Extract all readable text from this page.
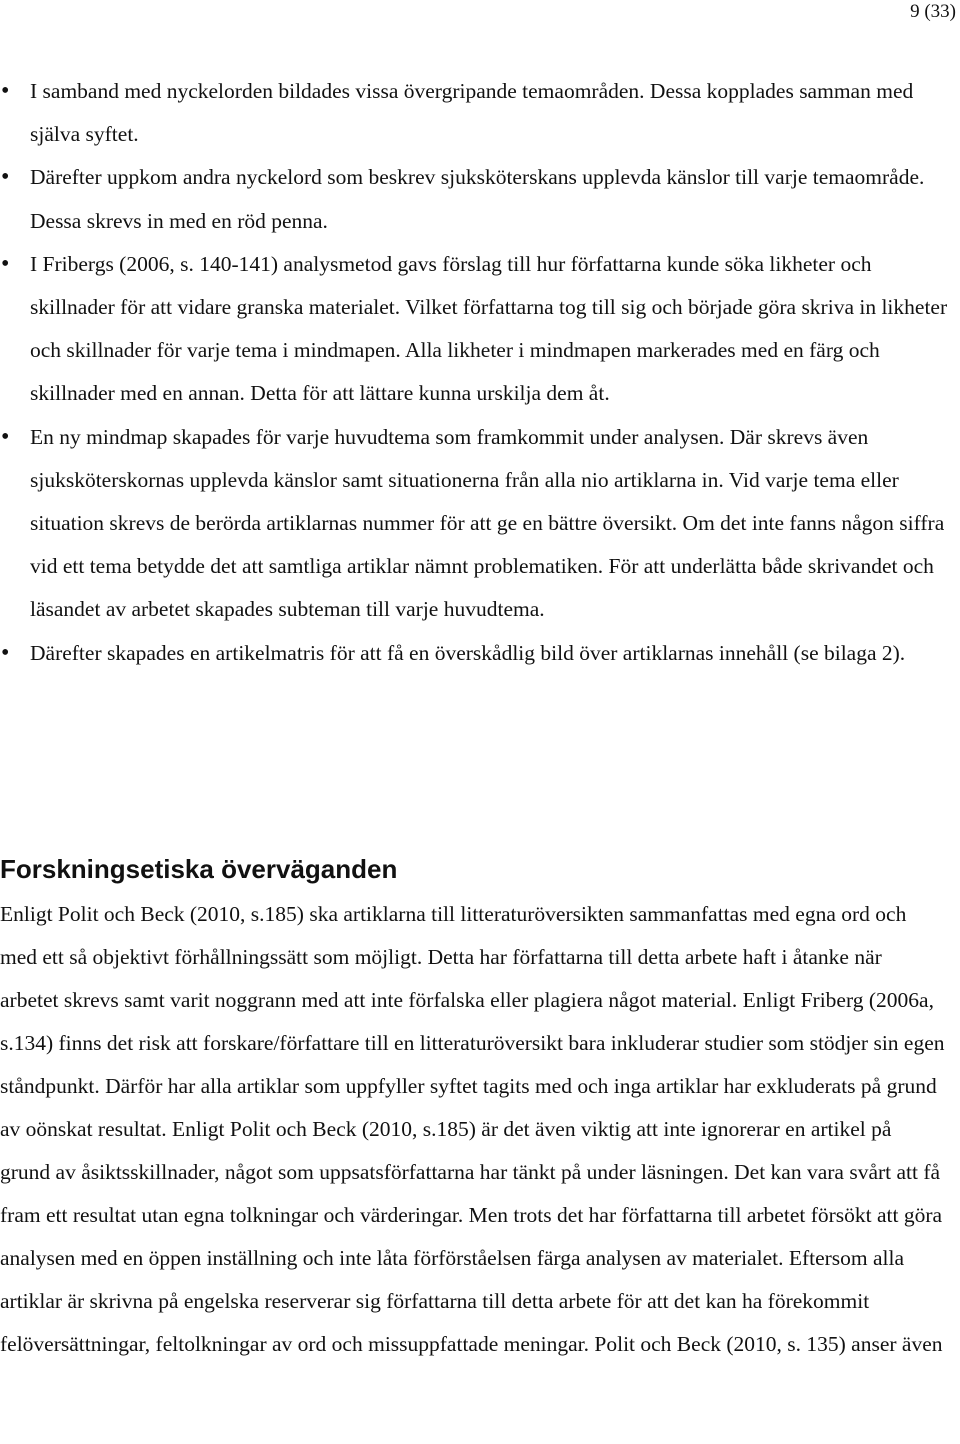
9 (33)
• I samband med nyckelorden bildades vissa övergripande temaområden. Dessa kopplades samman med själva syftet.
• Därefter uppkom andra nyckelord som beskrev sjuksköterskans upplevda känslor till varje temaområde. Dessa skrevs in med en röd penna.
• I Fribergs (2006, s. 140-141) analysmetod gavs förslag till hur författarna kunde söka likheter och skillnader för att vidare granska materialet. Vilket författarna tog till sig och började göra skriva in likheter och skillnader för varje tema i mindmapen. Alla likheter i mindmapen markerades med en färg och skillnader med en annan. Detta för att lättare kunna urskilja dem åt.
• En ny mindmap skapades för varje huvudtema som framkommit under analysen. Där skrevs även sjuksköterskornas upplevda känslor samt situationerna från alla nio artiklarna in. Vid varje tema eller situation skrevs de berörda artiklarnas nummer för att ge en bättre översikt. Om det inte fanns någon siffra vid ett tema betydde det att samtliga artiklar nämnt problematiken. För att underlätta både skrivandet och läsandet av arbetet skapades subteman till varje huvudtema.
• Därefter skapades en artikelmatris för att få en överskådlig bild över artiklarnas innehåll (se bilaga 2).
Forskningsetiska överväganden

Enligt Polit och Beck (2010, s.185) ska artiklarna till litteraturöversikten sammanfattas med egna ord och med ett så objektivt förhållningssätt som möjligt. Detta har författarna till detta arbete haft i åtanke när arbetet skrevs samt varit noggrann med att inte förfalska eller plagiera något material. Enligt Friberg (2006a, s.134) finns det risk att forskare/författare till en litteraturöversikt bara inkluderar studier som stödjer sin egen ståndpunkt. Därför har alla artiklar som uppfyller syftet tagits med och inga artiklar har exkluderats på grund av oönskat resultat. Enligt Polit och Beck (2010, s.185) är det även viktig att inte ignorerar en artikel på grund av åsiktsskillnader, något som uppsatsförfattarna har tänkt på under läsningen. Det kan vara svårt att få fram ett resultat utan egna tolkningar och värderingar. Men trots det har författarna till arbetet försökt att göra analysen med en öppen inställning och inte låta förförståelsen färga analysen av materialet. Eftersom alla artiklar är skrivna på engelska reserverar sig författarna till detta arbete för att det kan ha förekommit felöversättningar, feltolkningar av ord och missuppfattade meningar. Polit och Beck (2010, s. 135) anser även
